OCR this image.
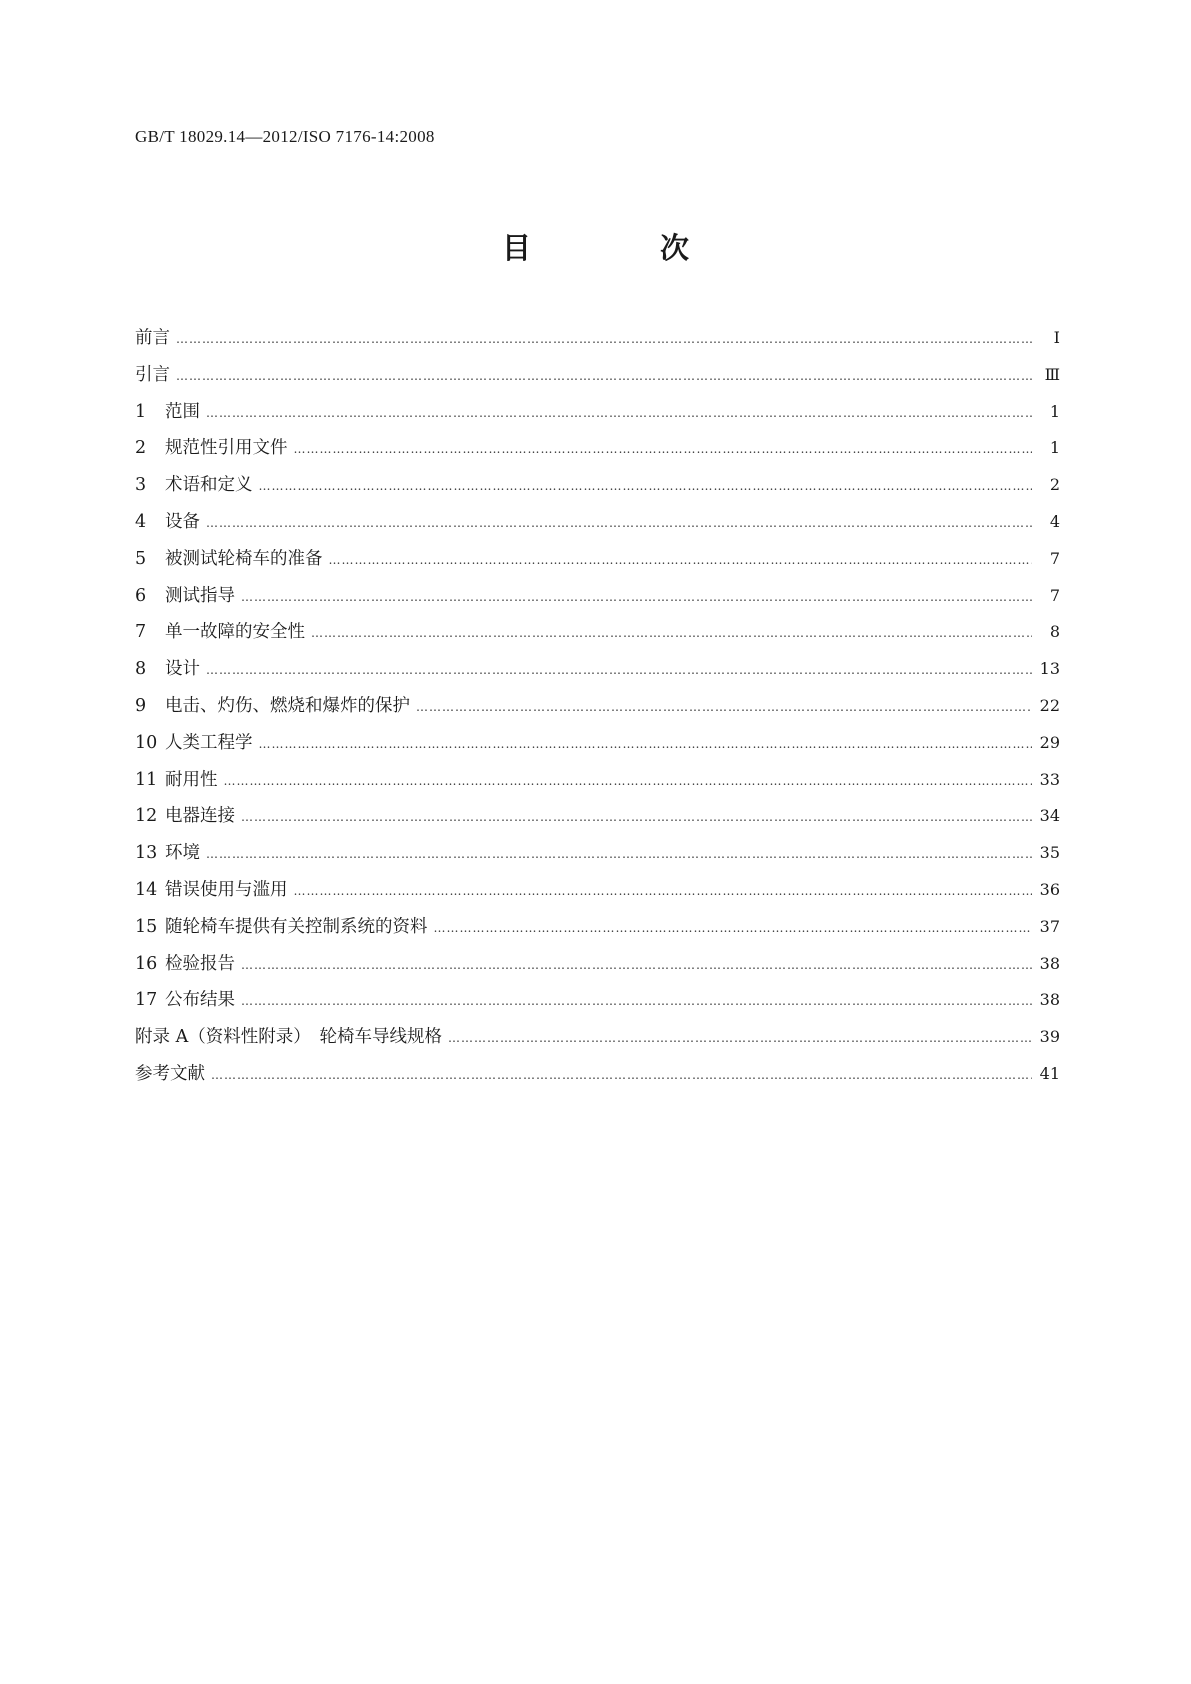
GB/T 18029.14—2012/ISO 7176-14:2008
目　次
前言 …………………………………………………………………………………………………………………………………………………………………………………………………………………………………………………………………………	Ⅰ
引言 …………………………………………………………………………………………………………………………………………………………………………………………………………………………………………………………………………	Ⅲ
1 范围 …………………………………………………………………………………………………………………………………………………………………………………………………………………………………………………………………………	1
2 规范性引用文件 …………………………………………………………………………………………………………………………………………………………………………………………………………………………………………………………………………	1
3 术语和定义 …………………………………………………………………………………………………………………………………………………………………………………………………………………………………………………………………………	2
4 设备 …………………………………………………………………………………………………………………………………………………………………………………………………………………………………………………………………………	4
5 被测试轮椅车的准备 …………………………………………………………………………………………………………………………………………………………………………………………………………………………………………………………………………	7
6 测试指导 …………………………………………………………………………………………………………………………………………………………………………………………………………………………………………………………………………	7
7 单一故障的安全性 …………………………………………………………………………………………………………………………………………………………………………………………………………………………………………………………………………	8
8 设计 …………………………………………………………………………………………………………………………………………………………………………………………………………………………………………………………………………	13
9 电击、灼伤、燃烧和爆炸的保护 …………………………………………………………………………………………………………………………………………………………………………………………………………………………………………………………………………	22
10 人类工程学 …………………………………………………………………………………………………………………………………………………………………………………………………………………………………………………………………………	29
11 耐用性 …………………………………………………………………………………………………………………………………………………………………………………………………………………………………………………………………………	33
12 电器连接 …………………………………………………………………………………………………………………………………………………………………………………………………………………………………………………………………………	34
13 环境 …………………………………………………………………………………………………………………………………………………………………………………………………………………………………………………………………………	35
14 错误使用与滥用 …………………………………………………………………………………………………………………………………………………………………………………………………………………………………………………………………………	36
15 随轮椅车提供有关控制系统的资料 …………………………………………………………………………………………………………………………………………………………………………………………………………………………………………………………………………	37
16 检验报告 …………………………………………………………………………………………………………………………………………………………………………………………………………………………………………………………………………	38
17 公布结果 …………………………………………………………………………………………………………………………………………………………………………………………………………………………………………………………………………	38
附录 A（资料性附录）　轮椅车导线规格 …………………………………………………………………………………………………………………………………………………………………………………………………………………………………………………………………………	39
参考文献 …………………………………………………………………………………………………………………………………………………………………………………………………………………………………………………………………………	41
